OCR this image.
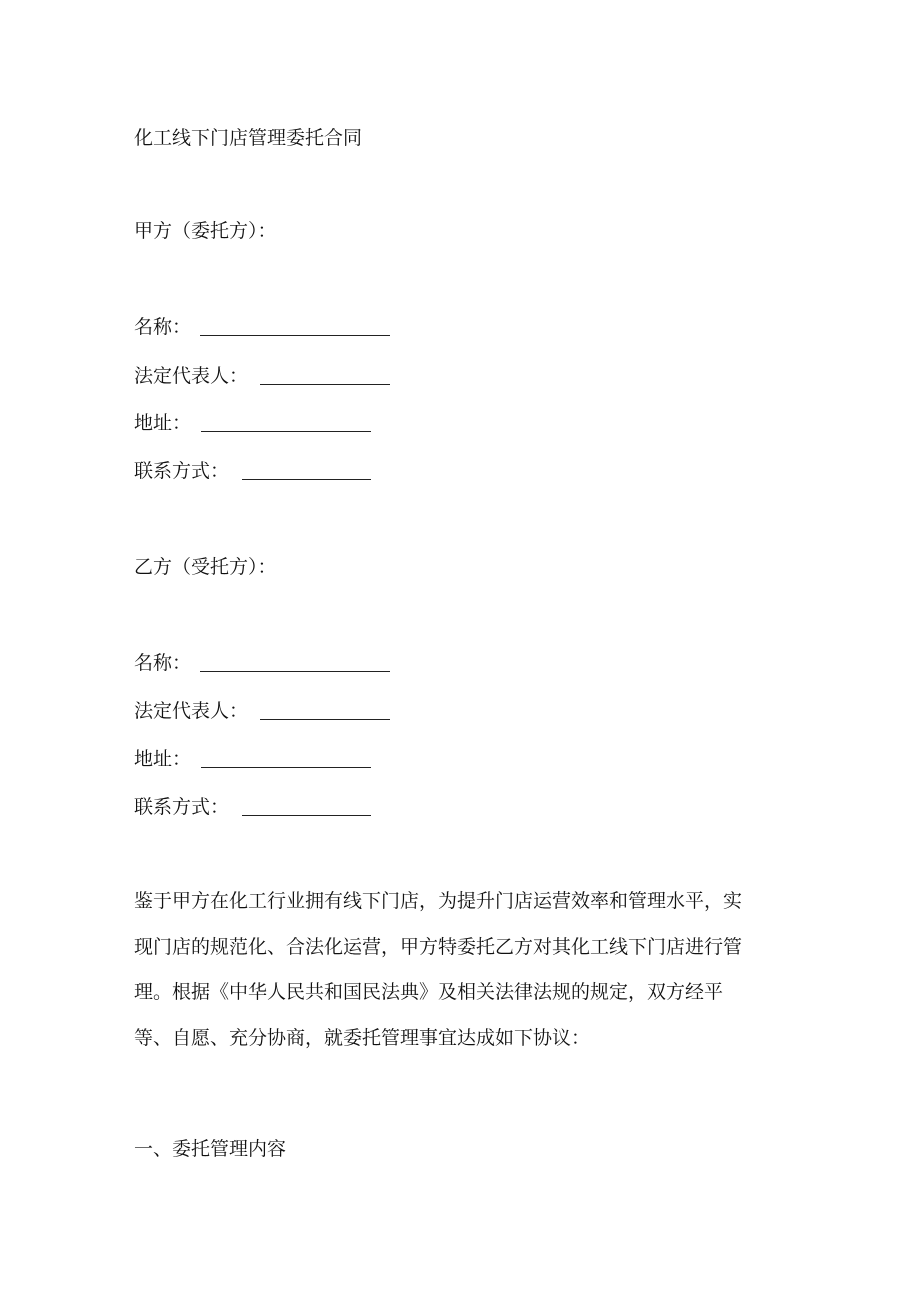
化工线下门店管理委托合同

甲方（委托方）：

名称：
法定代表人：
地址：
联系方式：

乙方（受托方）：

名称：
法定代表人：
地址：
联系方式：
鉴于甲方在化工行业拥有线下门店，为提升门店运营效率和管理水平，实
现门店的规范化、合法化运营，甲方特委托乙方对其化工线下门店进行管
理。根据《中华人民共和国民法典》及相关法律法规的规定，双方经平
等、自愿、充分协商，就委托管理事宜达成如下协议：

一、委托管理内容
